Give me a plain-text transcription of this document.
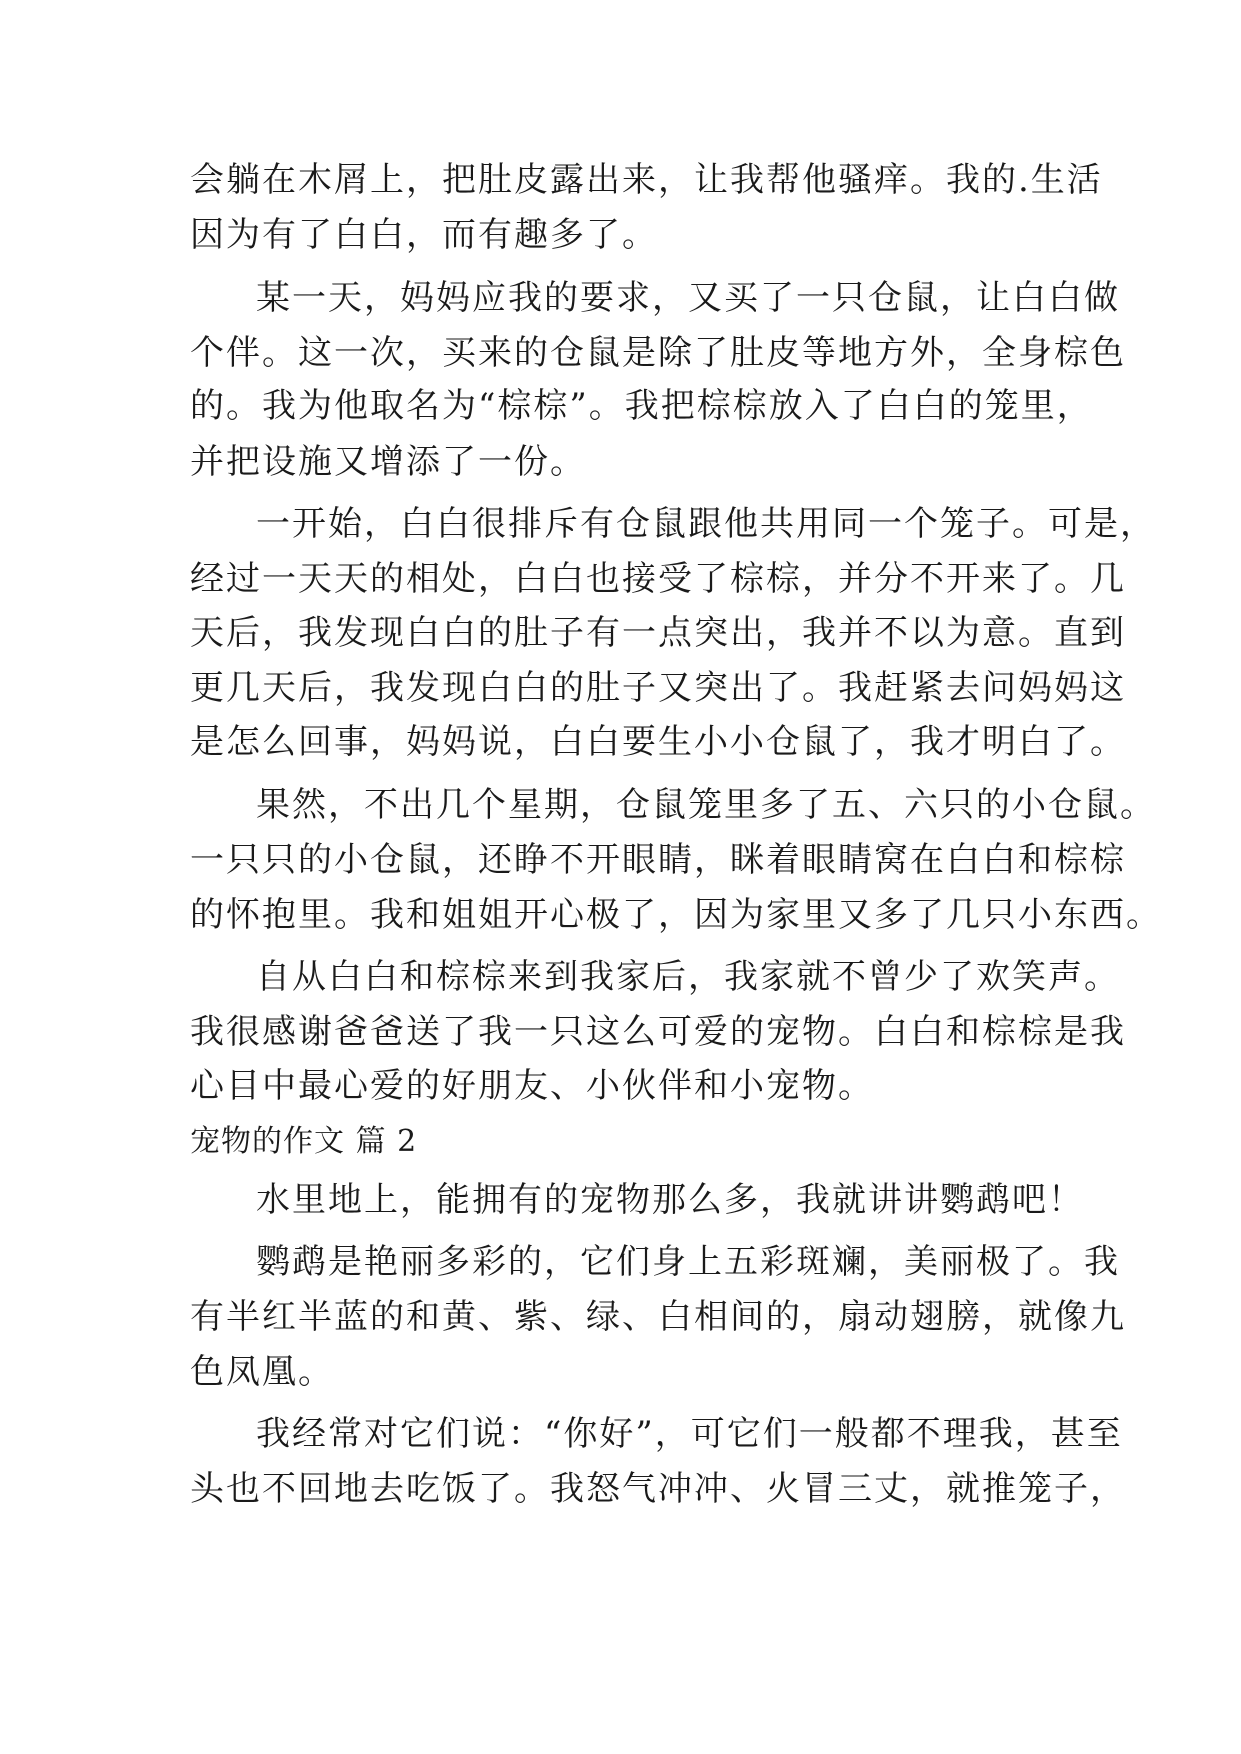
会躺在木屑上，把肚皮露出来，让我帮他骚痒。我的.生活
因为有了白白，而有趣多了。
某一天，妈妈应我的要求，又买了一只仓鼠，让白白做
个伴。这一次，买来的仓鼠是除了肚皮等地方外，全身棕色
的。我为他取名为“棕棕”。我把棕棕放入了白白的笼里，
并把设施又增添了一份。
一开始，白白很排斥有仓鼠跟他共用同一个笼子。可是，
经过一天天的相处，白白也接受了棕棕，并分不开来了。几
天后，我发现白白的肚子有一点突出，我并不以为意。直到
更几天后，我发现白白的肚子又突出了。我赶紧去问妈妈这
是怎么回事，妈妈说，白白要生小小仓鼠了，我才明白了。
果然，不出几个星期，仓鼠笼里多了五、六只的小仓鼠。
一只只的小仓鼠，还睁不开眼睛，眯着眼睛窝在白白和棕棕
的怀抱里。我和姐姐开心极了，因为家里又多了几只小东西。
自从白白和棕棕来到我家后，我家就不曾少了欢笑声。
我很感谢爸爸送了我一只这么可爱的宠物。白白和棕棕是我
心目中最心爱的好朋友、小伙伴和小宠物。
宠物的作文 篇 2
水里地上，能拥有的宠物那么多，我就讲讲鹦鹉吧！
鹦鹉是艳丽多彩的，它们身上五彩斑斓，美丽极了。我
有半红半蓝的和黄、紫、绿、白相间的，扇动翅膀，就像九
色凤凰。
我经常对它们说：“你好”，可它们一般都不理我，甚至
头也不回地去吃饭了。我怒气冲冲、火冒三丈，就推笼子，
